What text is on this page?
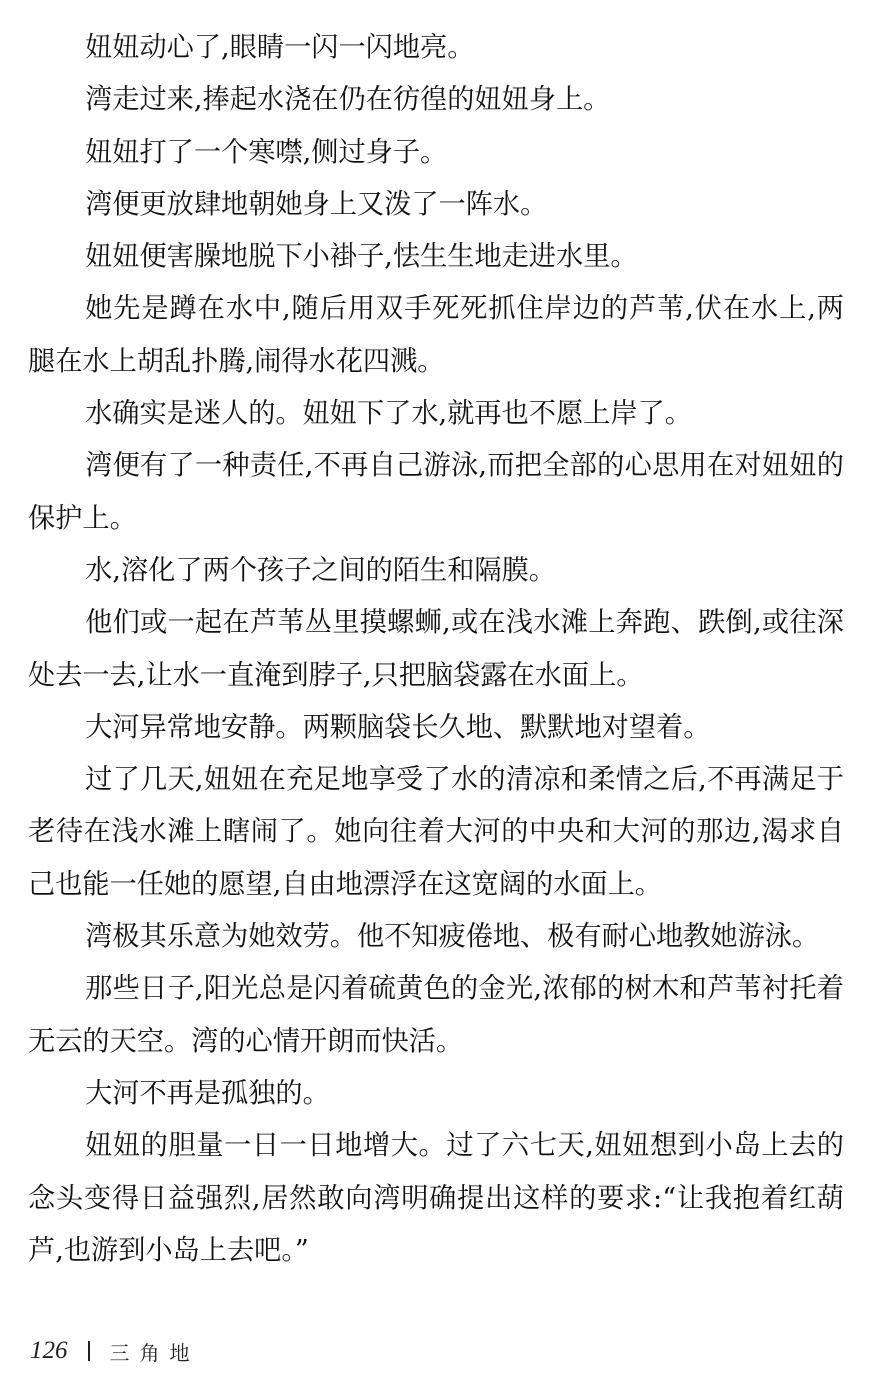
妞妞动心了,眼睛一闪一闪地亮。

湾走过来,捧起水浇在仍在彷徨的妞妞身上。

妞妞打了一个寒噤,侧过身子。

湾便更放肆地朝她身上又泼了一阵水。

妞妞便害臊地脱下小褂子,怯生生地走进水里。

她先是蹲在水中,随后用双手死死抓住岸边的芦苇,伏在水上,两腿在水上胡乱扑腾,闹得水花四溅。

水确实是迷人的。妞妞下了水,就再也不愿上岸了。

湾便有了一种责任,不再自己游泳,而把全部的心思用在对妞妞的保护上。

水,溶化了两个孩子之间的陌生和隔膜。

他们或一起在芦苇丛里摸螺蛳,或在浅水滩上奔跑、跌倒,或往深处去一去,让水一直淹到脖子,只把脑袋露在水面上。

大河异常地安静。两颗脑袋长久地、默默地对望着。

过了几天,妞妞在充足地享受了水的清凉和柔情之后,不再满足于老待在浅水滩上瞎闹了。她向往着大河的中央和大河的那边,渴求自己也能一任她的愿望,自由地漂浮在这宽阔的水面上。

湾极其乐意为她效劳。他不知疲倦地、极有耐心地教她游泳。

那些日子,阳光总是闪着硫黄色的金光,浓郁的树木和芦苇衬托着无云的天空。湾的心情开朗而快活。

大河不再是孤独的。

妞妞的胆量一日一日地增大。过了六七天,妞妞想到小岛上去的念头变得日益强烈,居然敢向湾明确提出这样的要求:“让我抱着红葫芦,也游到小岛上去吧。”

126 三角地
